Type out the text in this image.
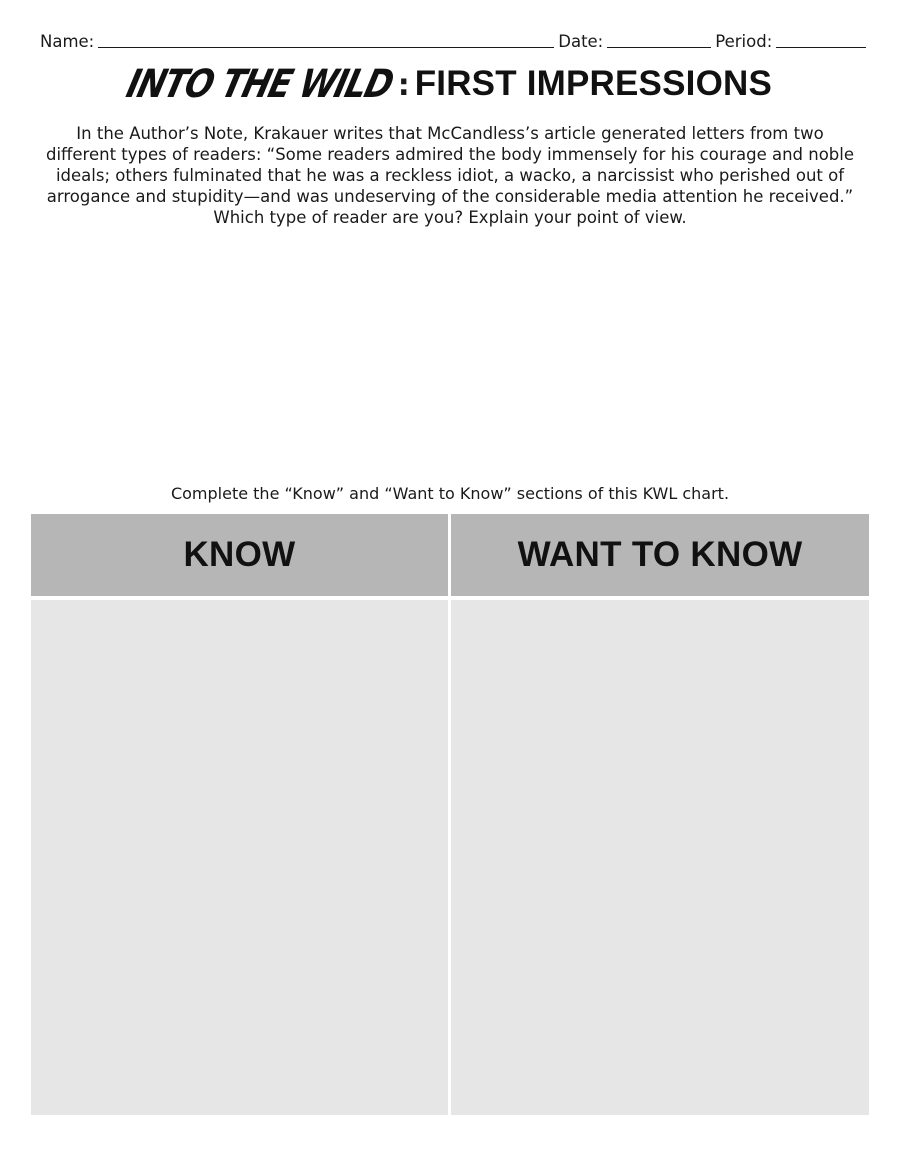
Name:	Date:	Period:
INTO THE WILD: FIRST IMPRESSIONS
In the Author’s Note, Krakauer writes that McCandless’s article generated letters from two different types of readers: “Some readers admired the body immensely for his courage and noble ideals; others fulminated that he was a reckless idiot, a wacko, a narcissist who perished out of arrogance and stupidity—and was undeserving of the considerable media attention he received.” Which type of reader are you? Explain your point of view.
Complete the “Know” and “Want to Know” sections of this KWL chart.
KNOW	WANT TO KNOW
